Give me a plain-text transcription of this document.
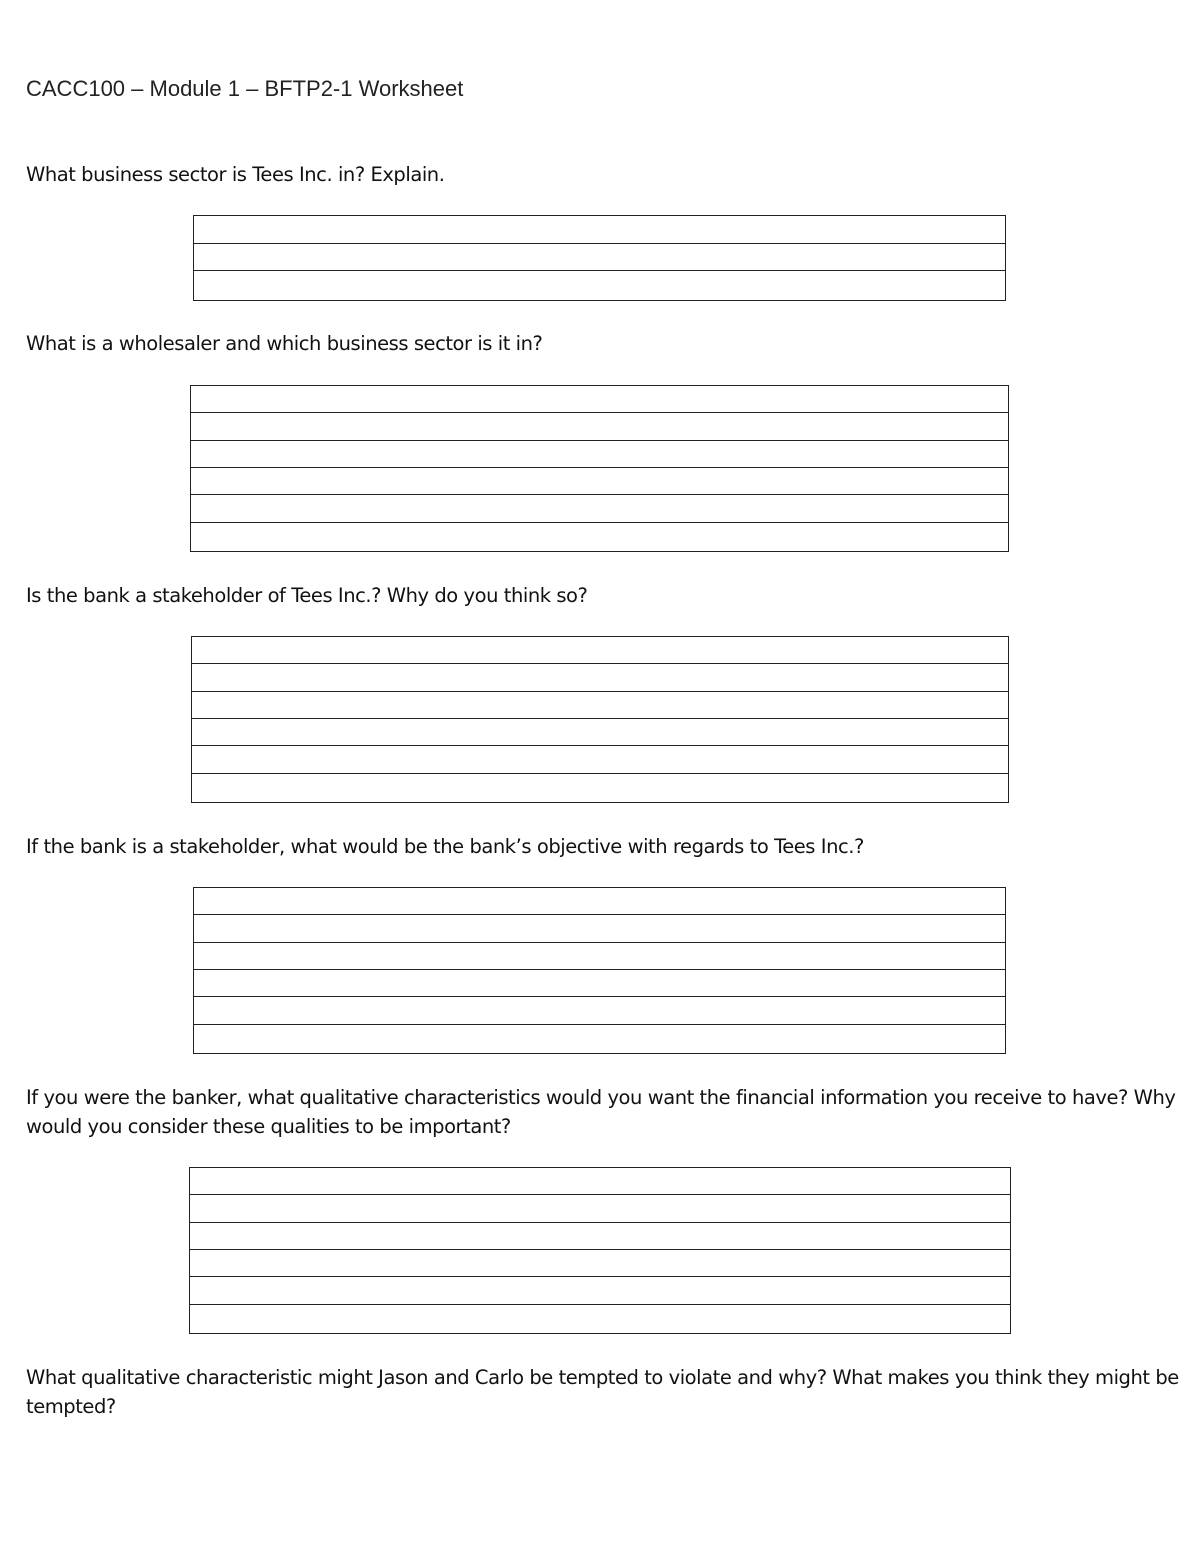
CACC100 – Module 1 – BFTP2-1 Worksheet
What business sector is Tees Inc. in? Explain.
What is a wholesaler and which business sector is it in?
Is the bank a stakeholder of Tees Inc.? Why do you think so?
If the bank is a stakeholder, what would be the bank’s objective with regards to Tees Inc.?
If you were the banker, what qualitative characteristics would you want the financial information you receive to have? Why would you consider these qualities to be important?
What qualitative characteristic might Jason and Carlo be tempted to violate and why? What makes you think they might be tempted?
